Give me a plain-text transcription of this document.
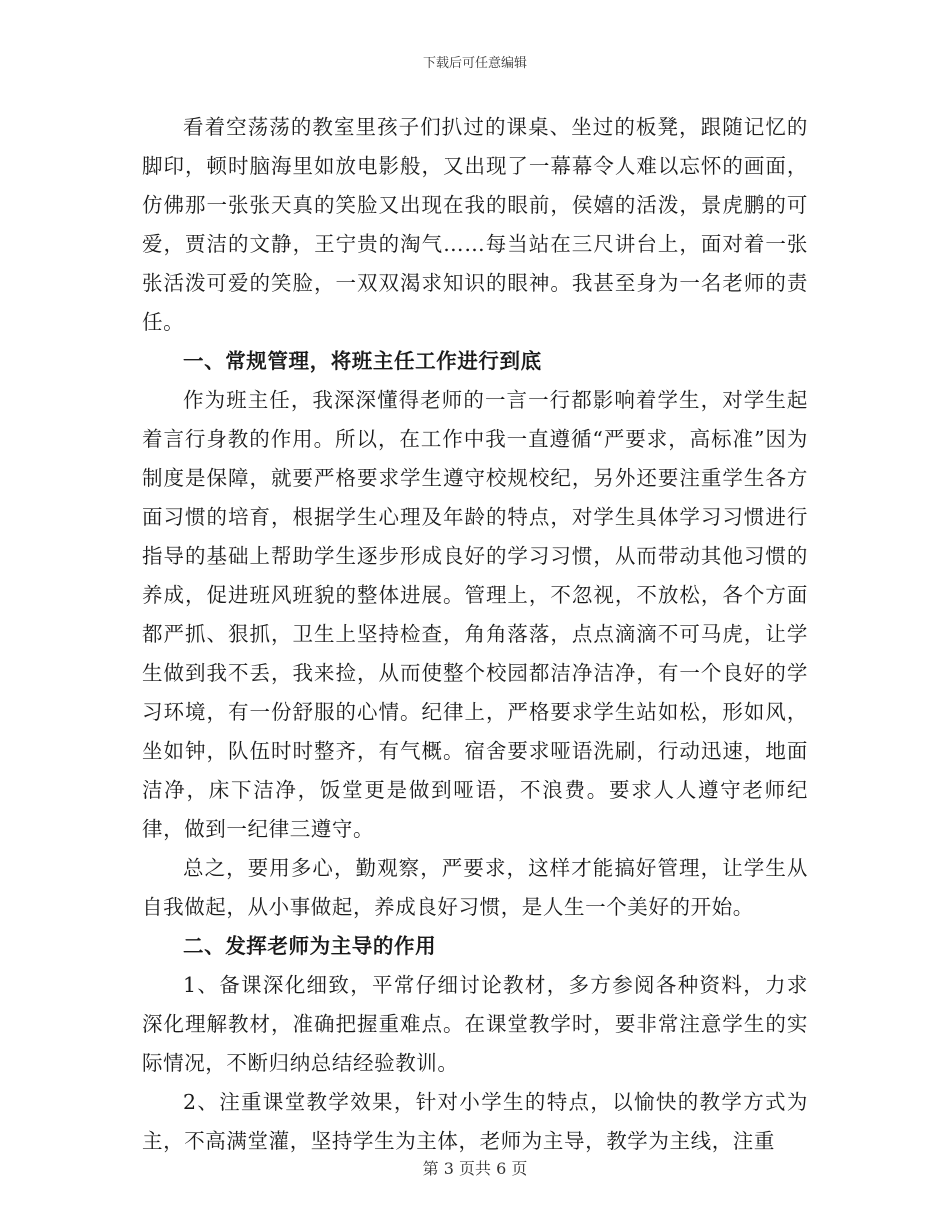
下载后可任意编辑

看着空荡荡的教室里孩子们扒过的课桌、坐过的板凳，跟随记忆的脚印，顿时脑海里如放电影般，又出现了一幕幕令人难以忘怀的画面，仿佛那一张张天真的笑脸又出现在我的眼前，侯嬉的活泼，景虎鹏的可爱，贾洁的文静，王宁贵的淘气……每当站在三尺讲台上，面对着一张张活泼可爱的笑脸，一双双渴求知识的眼神。我甚至身为一名老师的责任。

一、常规管理，将班主任工作进行到底

作为班主任，我深深懂得老师的一言一行都影响着学生，对学生起着言行身教的作用。所以，在工作中我一直遵循“严要求，高标准”因为制度是保障，就要严格要求学生遵守校规校纪，另外还要注重学生各方面习惯的培育，根据学生心理及年龄的特点，对学生具体学习习惯进行指导的基础上帮助学生逐步形成良好的学习习惯，从而带动其他习惯的养成，促进班风班貌的整体进展。管理上，不忽视，不放松，各个方面都严抓、狠抓，卫生上坚持检查，角角落落，点点滴滴不可马虎，让学生做到我不丢，我来捡，从而使整个校园都洁净洁净，有一个良好的学习环境，有一份舒服的心情。纪律上，严格要求学生站如松，形如风，坐如钟，队伍时时整齐，有气概。宿舍要求哑语洗刷，行动迅速，地面洁净，床下洁净，饭堂更是做到哑语，不浪费。要求人人遵守老师纪律，做到一纪律三遵守。

总之，要用多心，勤观察，严要求，这样才能搞好管理，让学生从自我做起，从小事做起，养成良好习惯，是人生一个美好的开始。

二、发挥老师为主导的作用

1、备课深化细致，平常仔细讨论教材，多方参阅各种资料，力求深化理解教材，准确把握重难点。在课堂教学时，要非常注意学生的实际情况，不断归纳总结经验教训。

2、注重课堂教学效果，针对小学生的特点，以愉快的教学方式为主，不高满堂灌，坚持学生为主体，老师为主导，教学为主线，注重

第 3 页共 6 页
